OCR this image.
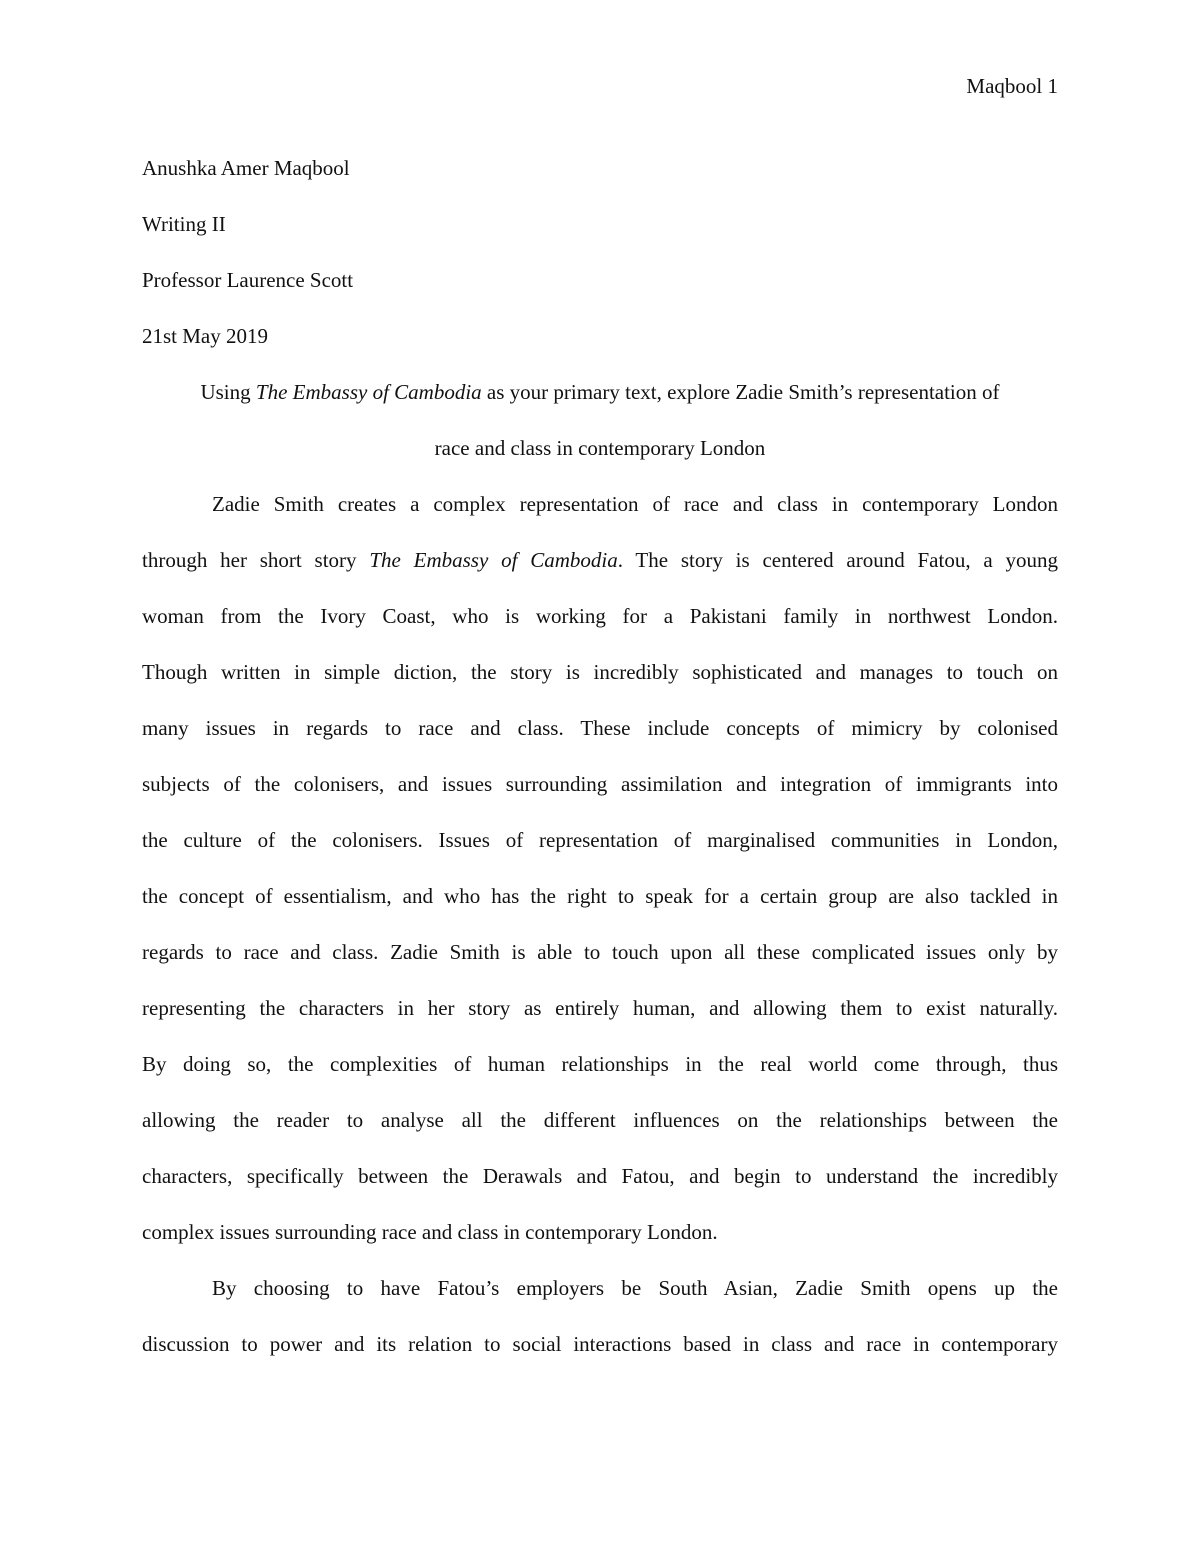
Maqbool 1
Anushka Amer Maqbool
Writing II
Professor Laurence Scott
21st May 2019
Using The Embassy of Cambodia as your primary text, explore Zadie Smith’s representation of
race and class in contemporary London
Zadie Smith creates a complex representation of race and class in contemporary London
through her short story The Embassy of Cambodia. The story is centered around Fatou, a young
woman from the Ivory Coast, who is working for a Pakistani family in northwest London.
Though written in simple diction, the story is incredibly sophisticated and manages to touch on
many issues in regards to race and class. These include concepts of mimicry by colonised
subjects of the colonisers, and issues surrounding assimilation and integration of immigrants into
the culture of the colonisers. Issues of representation of marginalised communities in London,
the concept of essentialism, and who has the right to speak for a certain group are also tackled in
regards to race and class. Zadie Smith is able to touch upon all these complicated issues only by
representing the characters in her story as entirely human, and allowing them to exist naturally.
By doing so, the complexities of human relationships in the real world come through, thus
allowing the reader to analyse all the different influences on the relationships between the
characters, specifically between the Derawals and Fatou, and begin to understand the incredibly
complex issues surrounding race and class in contemporary London.
By choosing to have Fatou’s employers be South Asian, Zadie Smith opens up the
discussion to power and its relation to social interactions based in class and race in contemporary
